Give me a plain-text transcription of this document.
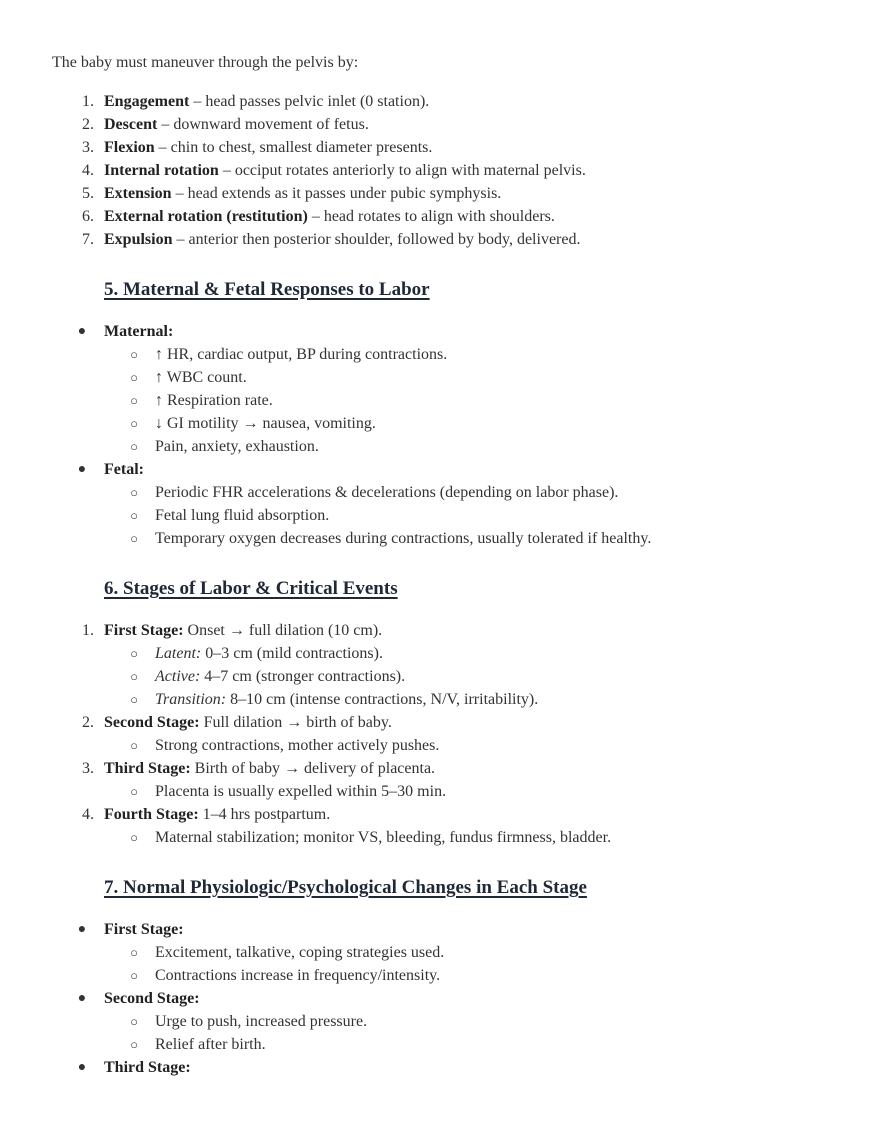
The baby must maneuver through the pelvis by:
1. Engagement – head passes pelvic inlet (0 station).
2. Descent – downward movement of fetus.
3. Flexion – chin to chest, smallest diameter presents.
4. Internal rotation – occiput rotates anteriorly to align with maternal pelvis.
5. Extension – head extends as it passes under pubic symphysis.
6. External rotation (restitution) – head rotates to align with shoulders.
7. Expulsion – anterior then posterior shoulder, followed by body, delivered.
5. Maternal & Fetal Responses to Labor
●	Maternal:
○	↑ HR, cardiac output, BP during contractions.
○	↑ WBC count.
○	↑ Respiration rate.
○	↓ GI motility → nausea, vomiting.
○	Pain, anxiety, exhaustion.
●	Fetal:
○	Periodic FHR accelerations & decelerations (depending on labor phase).
○	Fetal lung fluid absorption.
○	Temporary oxygen decreases during contractions, usually tolerated if healthy.
6. Stages of Labor & Critical Events
1. First Stage: Onset → full dilation (10 cm).
○	Latent: 0–3 cm (mild contractions).
○	Active: 4–7 cm (stronger contractions).
○	Transition: 8–10 cm (intense contractions, N/V, irritability).
2. Second Stage: Full dilation → birth of baby.
○	Strong contractions, mother actively pushes.
3. Third Stage: Birth of baby → delivery of placenta.
○	Placenta is usually expelled within 5–30 min.
4. Fourth Stage: 1–4 hrs postpartum.
○	Maternal stabilization; monitor VS, bleeding, fundus firmness, bladder.
7. Normal Physiologic/Psychological Changes in Each Stage
●	First Stage:
○	Excitement, talkative, coping strategies used.
○	Contractions increase in frequency/intensity.
●	Second Stage:
○	Urge to push, increased pressure.
○	Relief after birth.
●	Third Stage:
